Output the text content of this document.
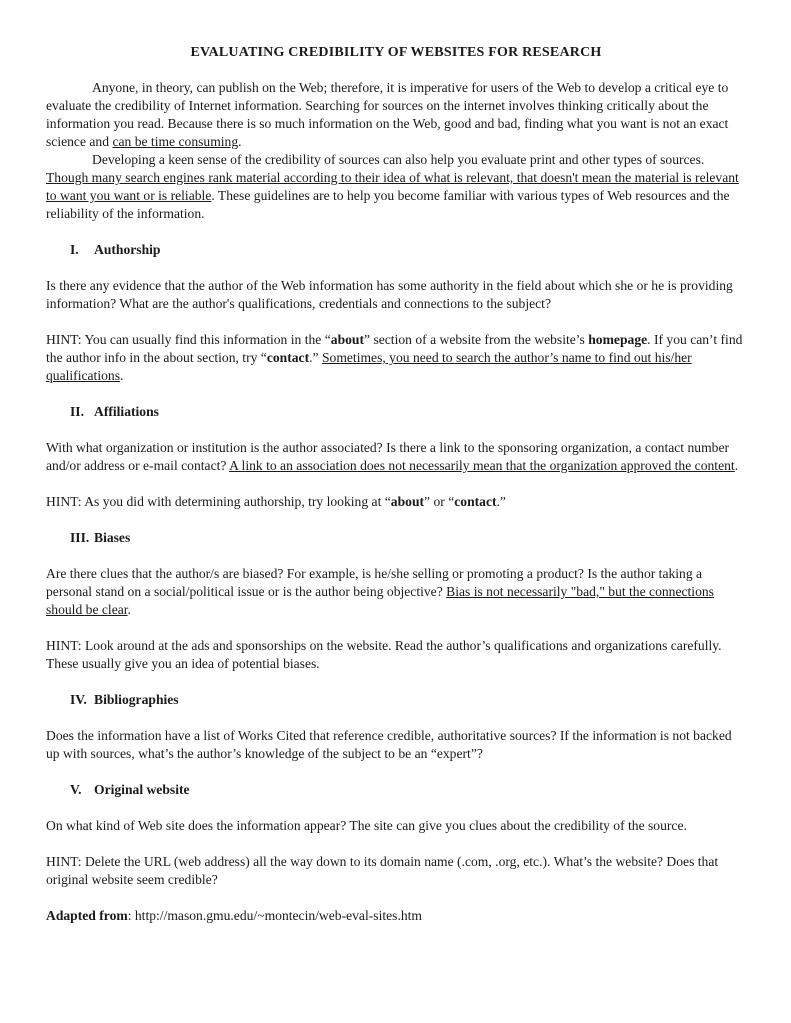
EVALUATING CREDIBILITY OF WEBSITES FOR RESEARCH

Anyone, in theory, can publish on the Web; therefore, it is imperative for users of the Web to develop a critical eye to evaluate the credibility of Internet information. Searching for sources on the internet involves thinking critically about the information you read. Because there is so much information on the Web, good and bad, finding what you want is not an exact science and can be time consuming.

Developing a keen sense of the credibility of sources can also help you evaluate print and other types of sources. Though many search engines rank material according to their idea of what is relevant, that doesn't mean the material is relevant to want you want or is reliable. These guidelines are to help you become familiar with various types of Web resources and the reliability of the information.

I.	Authorship

Is there any evidence that the author of the Web information has some authority in the field about which she or he is providing information? What are the author's qualifications, credentials and connections to the subject?

HINT: You can usually find this information in the “about” section of a website from the website’s homepage. If you can’t find the author info in the about section, try “contact.” Sometimes, you need to search the author’s name to find out his/her qualifications.

II. Affiliations

With what organization or institution is the author associated? Is there a link to the sponsoring organization, a contact number and/or address or e-mail contact? A link to an association does not necessarily mean that the organization approved the content.

HINT: As you did with determining authorship, try looking at “about” or “contact.”

III. Biases

Are there clues that the author/s are biased? For example, is he/she selling or promoting a product? Is the author taking a personal stand on a social/political issue or is the author being objective? Bias is not necessarily "bad," but the connections should be clear.

HINT: Look around at the ads and sponsorships on the website. Read the author’s qualifications and organizations carefully. These usually give you an idea of potential biases.

IV. Bibliographies

Does the information have a list of Works Cited that reference credible, authoritative sources? If the information is not backed up with sources, what’s the author’s knowledge of the subject to be an “expert”?

V. Original website

On what kind of Web site does the information appear? The site can give you clues about the credibility of the source.

HINT: Delete the URL (web address) all the way down to its domain name (.com, .org, etc.). What’s the website? Does that original website seem credible?

Adapted from: http://mason.gmu.edu/~montecin/web-eval-sites.htm
